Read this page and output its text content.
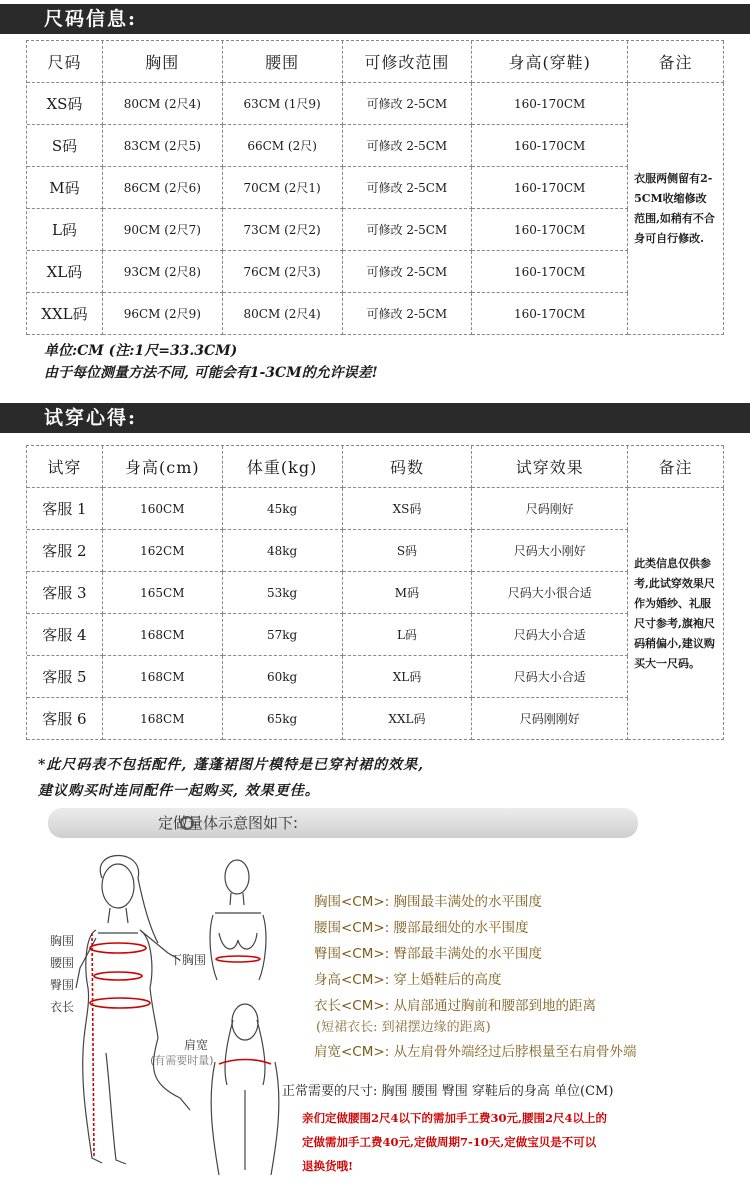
尺码信息:
尺码	胸围	腰围	可修改范围	身高(穿鞋)	备注
XS码	80CM (2尺4)	63CM (1尺9)	可修改 2-5CM	160-170CM	衣服两侧留有2-5CM收缩修改范围,如稍有不合身可自行修改.
S码	83CM (2尺5)	66CM (2尺)	可修改 2-5CM	160-170CM	
M码	86CM (2尺6)	70CM (2尺1)	可修改 2-5CM	160-170CM	
L码	90CM (2尺7)	73CM (2尺2)	可修改 2-5CM	160-170CM	
XL码	93CM (2尺8)	76CM (2尺3)	可修改 2-5CM	160-170CM	
XXL码	96CM (2尺9)	80CM (2尺4)	可修改 2-5CM	160-170CM	
单位:CM (注:1尺=33.3CM)
由于每位测量方法不同, 可能会有1-3CM的允许误差!
试穿心得:
试穿	身高(cm)	体重(kg)	码数	试穿效果	备注
客服 1	160CM	45kg	XS码	尺码刚好	此类信息仅供参考,此试穿效果尺作为婚纱、礼服尺寸参考,旗袍尺码稍偏小,建议购买大一尺码。
客服 2	162CM	48kg	S码	尺码大小刚好	
客服 3	165CM	53kg	M码	尺码大小很合适	
客服 4	168CM	57kg	L码	尺码大小合适	
客服 5	168CM	60kg	XL码	尺码大小合适	
客服 6	168CM	65kg	XXL码	尺码刚刚好	
*此尺码表不包括配件, 蓬蓬裙图片模特是已穿衬裙的效果,
建议购买时连同配件一起购买, 效果更佳。
定做量体示意图如下:
胸围
腰围
臀围
衣长
下胸围
肩宽
(有需要时量)
胸围<CM>: 胸围最丰满处的水平围度
腰围<CM>: 腰部最细处的水平围度
臀围<CM>: 臀部最丰满处的水平围度
身高<CM>: 穿上婚鞋后的高度
衣长<CM>: 从肩部通过胸前和腰部到地的距离
(短裙衣长: 到裙摆边缘的距离)
肩宽<CM>: 从左肩骨外端经过后脖根量至右肩骨外端
正常需要的尺寸: 胸围 腰围 臀围 穿鞋后的身高 单位(CM)
亲们定做腰围2尺4以下的需加手工费30元,腰围2尺4以上的
定做需加手工费40元,定做周期7-10天,定做宝贝是不可以
退换货哦!
